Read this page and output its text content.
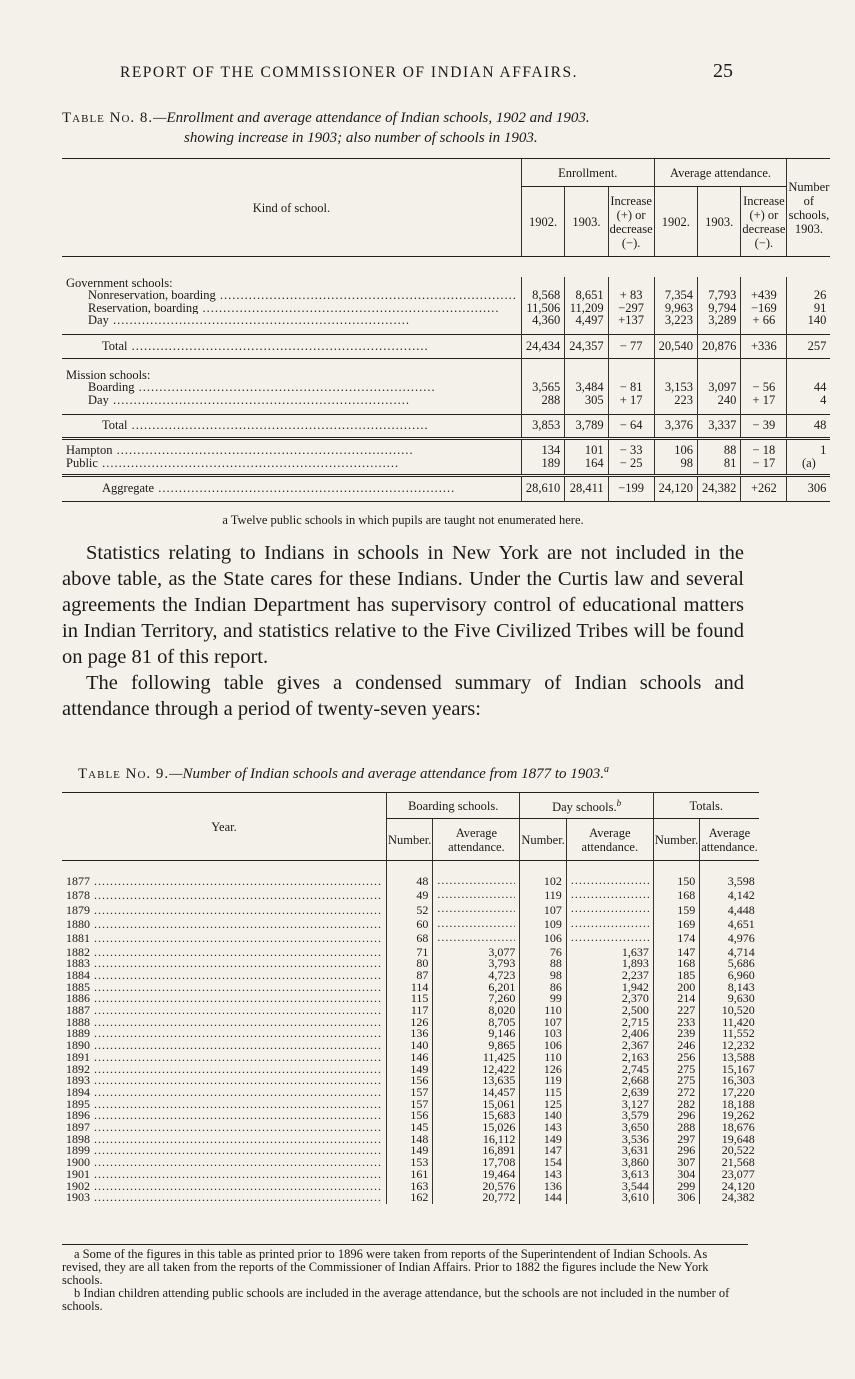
REPORT OF THE COMMISSIONER OF INDIAN AFFAIRS.	25
Table No. 8.—Enrollment and average attendance of Indian schools, 1902 and 1903.
showing increase in 1903; also number of schools in 1903.
Kind of school.	Enrollment.			Average attendance.			Number of schools, 1903.
	1902.	1903.	Increase (+) or decrease (−).	1902.	1903.	Increase (+) or decrease (−).	

Government schools:							
Nonreservation, boarding .....	8,568	8,651	+ 83	7,354	7,793	+439	26
Reservation, boarding .....	11,506	11,209	−297	9,963	9,794	−169	91
Day .....	4,360	4,497	+137	3,223	3,289	+ 66	140

Total .....	24,434	24,357	− 77	20,540	20,876	+336	257

Mission schools:							
Boarding .....	3,565	3,484	− 81	3,153	3,097	− 56	44
Day .....	288	305	+ 17	223	240	+ 17	4

Total .....	3,853	3,789	− 64	3,376	3,337	− 39	48

Hampton .....	134	101	− 33	106	88	− 18	1
Public .....	189	164	− 25	98	81	− 17	(a)

Aggregate .....	28,610	28,411	−199	24,120	24,382	+262	306
a Twelve public schools in which pupils are taught not enumerated here.

Statistics relating to Indians in schools in New York are not included in the above table, as the State cares for these Indians. Under the Curtis law and several agreements the Indian Department has supervisory control of educational matters in Indian Territory, and statistics relative to the Five Civilized Tribes will be found on page 81 of this report.

The following table gives a condensed summary of Indian schools and attendance through a period of twenty-seven years:

Table No. 9.—Number of Indian schools and average attendance from 1877 to 1903.$^a$
Year.	Boarding schools.		Day schools.$^b$		Totals.	
	Number.	Average attendance.	Number.	Average attendance.	Number.	Average attendance.

1877 .....	48	.....	102	.....	150	3,598
1878 .....	49	.....	119	.....	168	4,142
1879 .....	52	.....	107	.....	159	4,448
1880 .....	60	.....	109	.....	169	4,651
1881 .....	68	.....	106	.....	174	4,976
1882 .....	71	3,077	76	1,637	147	4,714
1883 .....	80	3,793	88	1,893	168	5,686
1884 .....	87	4,723	98	2,237	185	6,960
1885 .....	114	6,201	86	1,942	200	8,143
1886 .....	115	7,260	99	2,370	214	9,630
1887 .....	117	8,020	110	2,500	227	10,520
1888 .....	126	8,705	107	2,715	233	11,420
1889 .....	136	9,146	103	2,406	239	11,552
1890 .....	140	9,865	106	2,367	246	12,232
1891 .....	146	11,425	110	2,163	256	13,588
1892 .....	149	12,422	126	2,745	275	15,167
1893 .....	156	13,635	119	2,668	275	16,303
1894 .....	157	14,457	115	2,639	272	17,220
1895 .....	157	15,061	125	3,127	282	18,188
1896 .....	156	15,683	140	3,579	296	19,262
1897 .....	145	15,026	143	3,650	288	18,676
1898 .....	148	16,112	149	3,536	297	19,648
1899 .....	149	16,891	147	3,631	296	20,522
1900 .....	153	17,708	154	3,860	307	21,568
1901 .....	161	19,464	143	3,613	304	23,077
1902 .....	163	20,576	136	3,544	299	24,120
1903 .....	162	20,772	144	3,610	306	24,382
a Some of the figures in this table as printed prior to 1896 were taken from reports of the Superintendent of Indian Schools. As revised, they are all taken from the reports of the Commissioner of Indian Affairs. Prior to 1882 the figures include the New York schools.
b Indian children attending public schools are included in the average attendance, but the schools are not included in the number of schools.
